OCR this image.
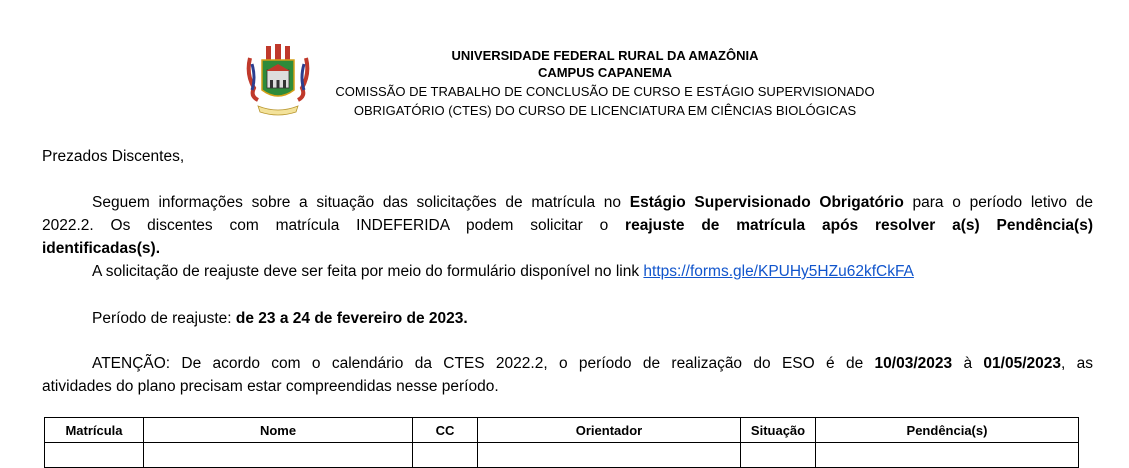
UNIVERSIDADE FEDERAL RURAL DA AMAZÔNIA
CAMPUS CAPANEMA
COMISSÃO DE TRABALHO DE CONCLUSÃO DE CURSO E ESTÁGIO SUPERVISIONADO
OBRIGATÓRIO (CTES) DO CURSO DE LICENCIATURA EM CIÊNCIAS BIOLÓGICAS
Prezados Discentes,
Seguem informações sobre a situação das solicitações de matrícula no Estágio Supervisionado Obrigatório para o período letivo de
2022.2. Os discentes com matrícula INDEFERIDA podem solicitar o reajuste de matrícula após resolver a(s) Pendência(s)
identificadas(s).
A solicitação de reajuste deve ser feita por meio do formulário disponível no link https://forms.gle/KPUHy5HZu62kfCkFA
Período de reajuste: de 23 a 24 de fevereiro de 2023.
ATENÇÃO: De acordo com o calendário da CTES 2022.2, o período de realização do ESO é de 10/03/2023 à 01/05/2023, as
atividades do plano precisam estar compreendidas nesse período.
Matrícula	Nome	CC	Orientador	Situação	Pendência(s)
